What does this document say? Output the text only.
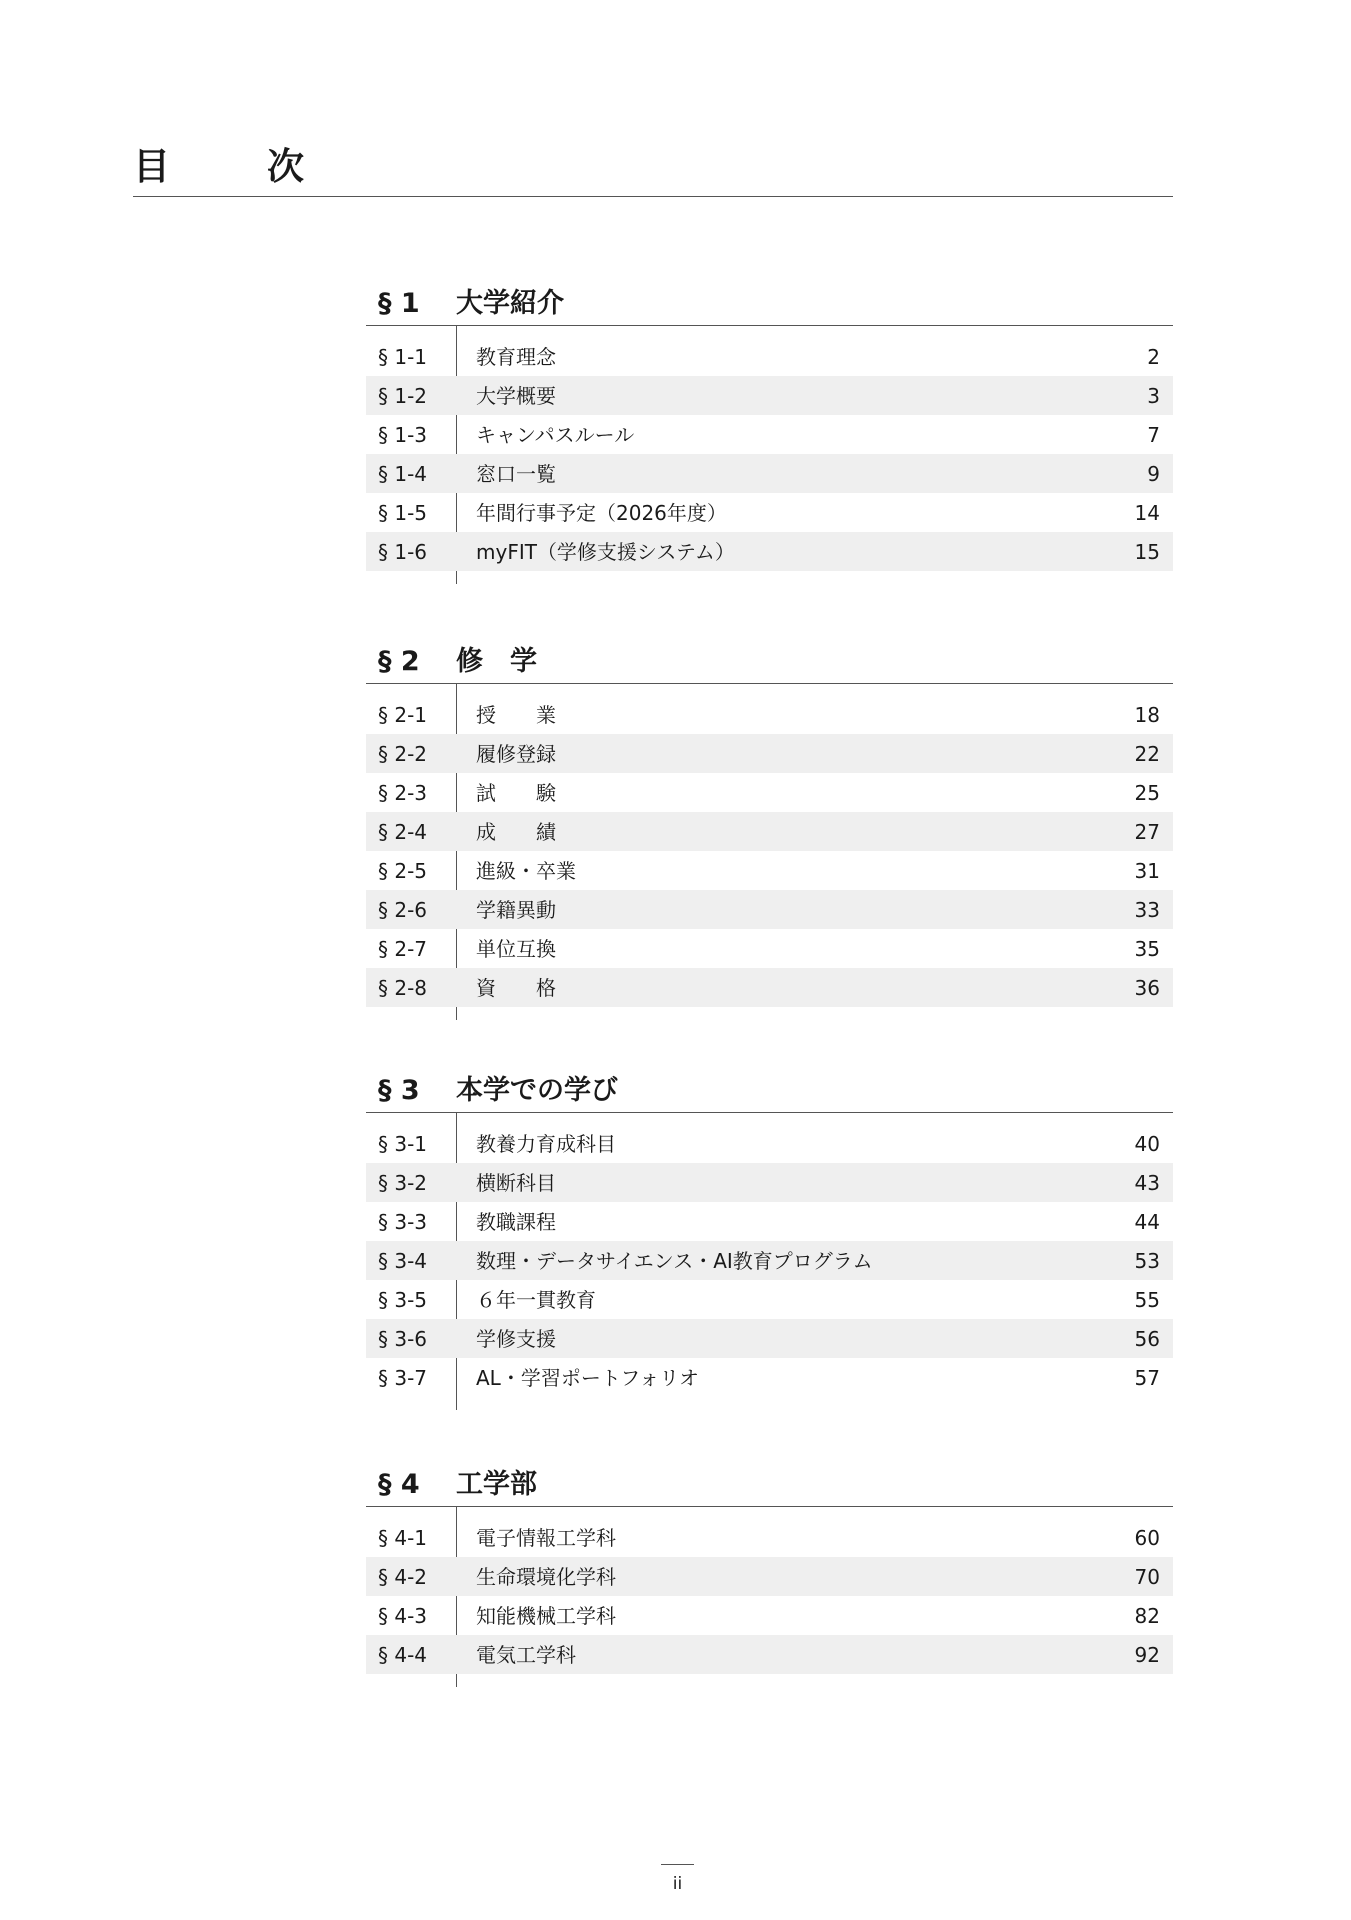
目　次
§ 1 大学紹介
§ 1-1 教育理念	2
§ 1-2 大学概要	3
§ 1-3 キャンパスルール	7
§ 1-4 窓口一覧	9
§ 1-5 年間行事予定（2026年度）	14
§ 1-6 myFIT（学修支援システム）	15
§ 2 修　学
§ 2-1 授　　業	18
§ 2-2 履修登録	22
§ 2-3 試　　験	25
§ 2-4 成　　績	27
§ 2-5 進級・卒業	31
§ 2-6 学籍異動	33
§ 2-7 単位互換	35
§ 2-8 資　　格	36
§ 3 本学での学び
§ 3-1 教養力育成科目	40
§ 3-2 横断科目	43
§ 3-3 教職課程	44
§ 3-4 数理・データサイエンス・AI教育プログラム	53
§ 3-5 ６年一貫教育	55
§ 3-6 学修支援	56
§ 3-7 AL・学習ポートフォリオ	57
§ 4 工学部
§ 4-1 電子情報工学科	60
§ 4-2 生命環境化学科	70
§ 4-3 知能機械工学科	82
§ 4-4 電気工学科	92
ii
